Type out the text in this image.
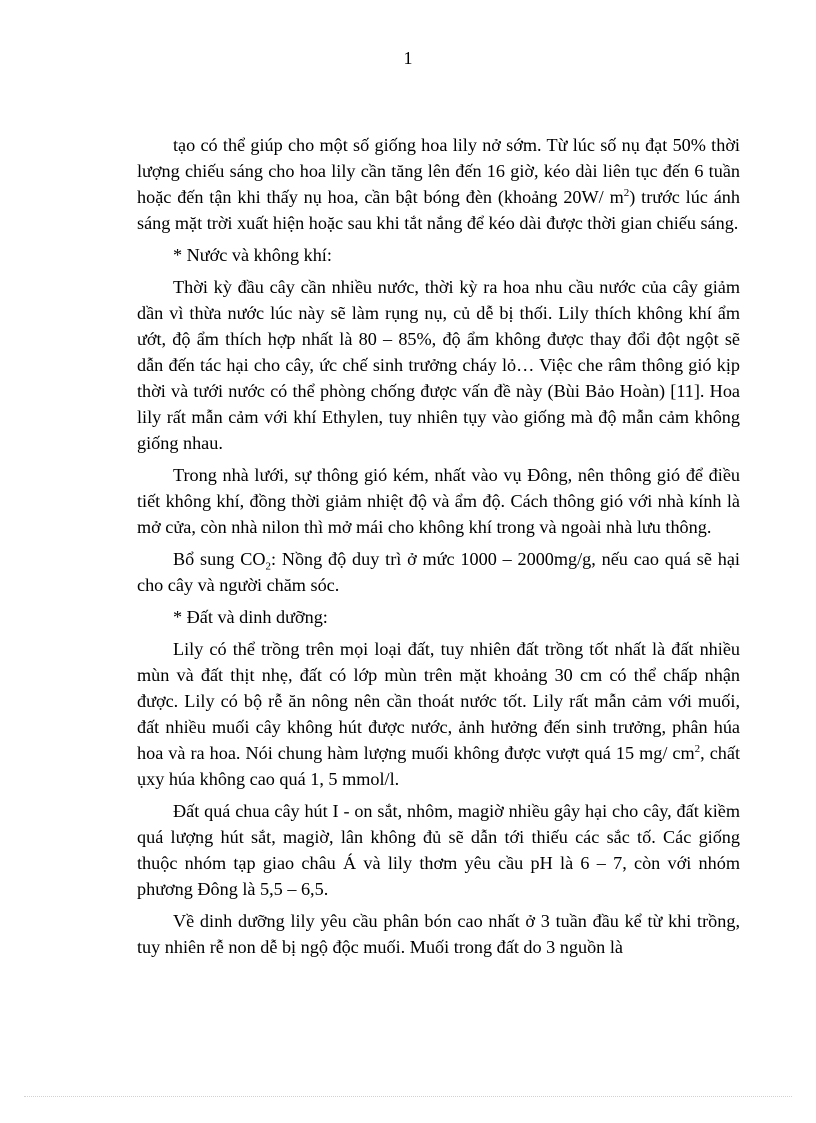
1

tạo có thể giúp cho một số giống hoa lily nở sớm. Từ lúc số nụ đạt 50% thời lượng chiếu sáng cho hoa lily cần tăng lên đến 16 giờ, kéo dài liên tục đến 6 tuần hoặc đến tận khi thấy nụ hoa, cần bật bóng đèn (khoảng 20W/ $m^2$) trước lúc ánh sáng mặt trời xuất hiện hoặc sau khi tắt nắng để kéo dài được thời gian chiếu sáng.

* Nước và không khí:

Thời kỳ đầu cây cần nhiều nước, thời kỳ ra hoa nhu cầu nước của cây giảm dần vì thừa nước lúc này sẽ làm rụng nụ, củ dễ bị thối. Lily thích không khí ẩm ướt, độ ẩm thích hợp nhất là 80 – 85%, độ ẩm không được thay đổi đột ngột sẽ dẫn đến tác hại cho cây, ức chế sinh trưởng cháy lỏ… Việc che râm thông gió kịp thời và tưới nước có thể phòng chống được vấn đề này (Bùi Bảo Hoàn) [11]. Hoa lily rất mẫn cảm với khí Ethylen, tuy nhiên tụy vào giống mà độ mẫn cảm không giống nhau.

Trong nhà lưới, sự thông gió kém, nhất vào vụ Đông, nên thông gió để điều tiết không khí, đồng thời giảm nhiệt độ và ẩm độ. Cách thông gió với nhà kính là mở cửa, còn nhà nilon thì mở mái cho không khí trong và ngoài nhà lưu thông.

Bổ sung $CO_2$: Nồng độ duy trì ở mức 1000 – 2000mg/g, nếu cao quá sẽ hại cho cây và người chăm sóc.

* Đất và dinh dưỡng:

Lily có thể trồng trên mọi loại đất, tuy nhiên đất trồng tốt nhất là đất nhiều mùn và đất thịt nhẹ, đất có lớp mùn trên mặt khoảng 30 cm có thể chấp nhận được. Lily có bộ rễ ăn nông nên cần thoát nước tốt. Lily rất mẫn cảm với muối, đất nhiều muối cây không hút được nước, ảnh hưởng đến sinh trưởng, phân húa hoa và ra hoa. Nói chung hàm lượng muối không được vượt quá 15 mg/ $cm^2$, chất ụxy húa không cao quá 1, 5 mmol/l.

Đất quá chua cây hút I - on sắt, nhôm, magiờ nhiều gây hại cho cây, đất kiềm quá lượng hút sắt, magiờ, lân không đủ sẽ dẫn tới thiếu các sắc tố. Các giống thuộc nhóm tạp giao châu Á và lily thơm yêu cầu pH là 6 – 7, còn với nhóm phương Đông là 5,5 – 6,5.

Về dinh dưỡng lily yêu cầu phân bón cao nhất ở 3 tuần đầu kể từ khi trồng, tuy nhiên rễ non dễ bị ngộ độc muối. Muối trong đất do 3 nguồn là
